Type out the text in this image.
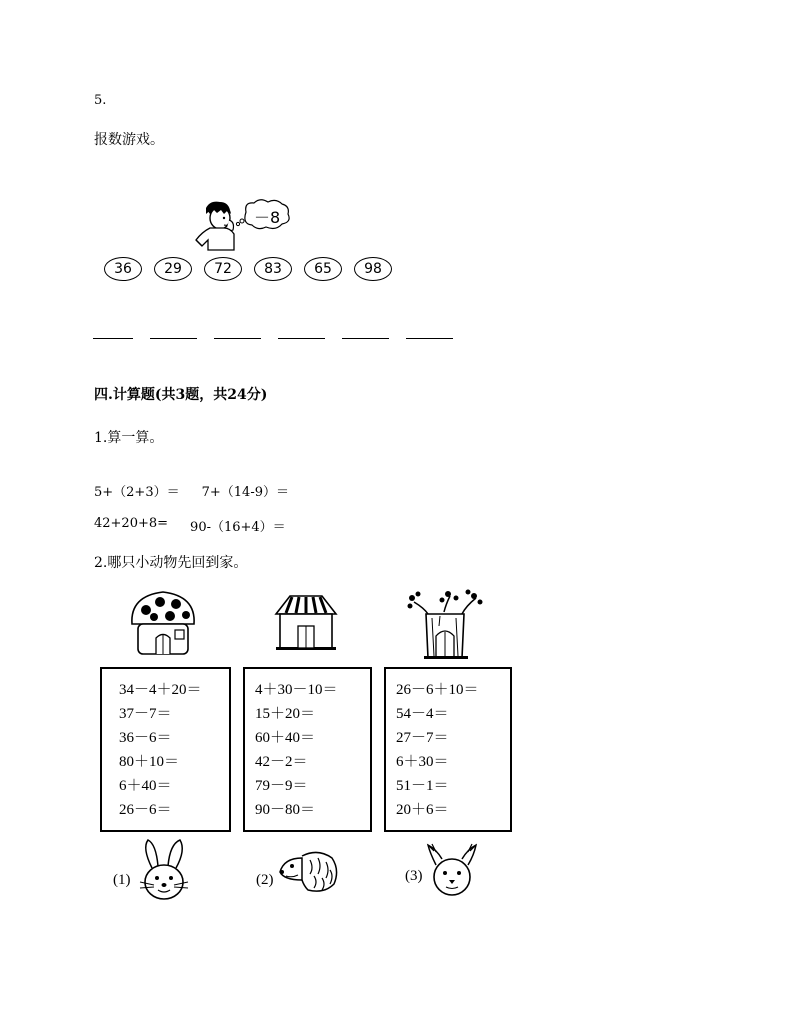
5.
报数游戏。
－8
36	29	72	83	65	98
四.计算题(共3题，共24分)
1.算一算。
5+（2+3）＝ 7+（14-9）＝
42+20+8= 90-（16+4）＝
2.哪只小动物先回到家。
34－4＋20＝
37－7＝
36－6＝
80＋10＝
6＋40＝
26－6＝
4＋30－10＝
15＋20＝
60＋40＝
42－2＝
79－9＝
90－80＝
26－6＋10＝
54－4＝
27－7＝
6＋30＝
51－1＝
20＋6＝
(1)	(2)	(3)
